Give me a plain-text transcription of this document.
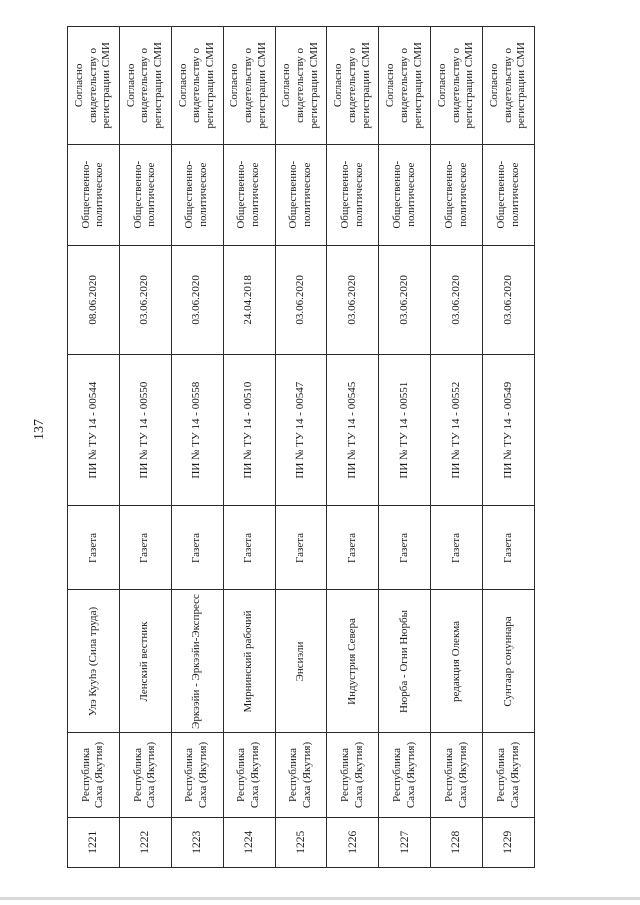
137
1221	Республика Саха (Якутия)	Улэ Кууhэ (Сила труда)	Газета	ПИ № ТУ 14 - 00544	08.06.2020	Общественно-политическое	Согласно свидетельству о регистрации СМИ
1222	Республика Саха (Якутия)	Ленский вестник	Газета	ПИ № ТУ 14 - 00550	03.06.2020	Общественно-политическое	Согласно свидетельству о регистрации СМИ
1223	Республика Саха (Якутия)	Эркээйи - Эркээйи-Экспресс	Газета	ПИ № ТУ 14 - 00558	03.06.2020	Общественно-политическое	Согласно свидетельству о регистрации СМИ
1224	Республика Саха (Якутия)	Мирнинский рабочий	Газета	ПИ № ТУ 14 - 00510	24.04.2018	Общественно-политическое	Согласно свидетельству о регистрации СМИ
1225	Республика Саха (Якутия)	Энсиэли	Газета	ПИ № ТУ 14 - 00547	03.06.2020	Общественно-политическое	Согласно свидетельству о регистрации СМИ
1226	Республика Саха (Якутия)	Индустрия Севера	Газета	ПИ № ТУ 14 - 00545	03.06.2020	Общественно-политическое	Согласно свидетельству о регистрации СМИ
1227	Республика Саха (Якутия)	Нюрба - Огни Нюрбы	Газета	ПИ № ТУ 14 - 00551	03.06.2020	Общественно-политическое	Согласно свидетельству о регистрации СМИ
1228	Республика Саха (Якутия)	редакция Олекма	Газета	ПИ № ТУ 14 - 00552	03.06.2020	Общественно-политическое	Согласно свидетельству о регистрации СМИ
1229	Республика Саха (Якутия)	Сунтаар сонуннара	Газета	ПИ № ТУ 14 - 00549	03.06.2020	Общественно-политическое	Согласно свидетельству о регистрации СМИ
